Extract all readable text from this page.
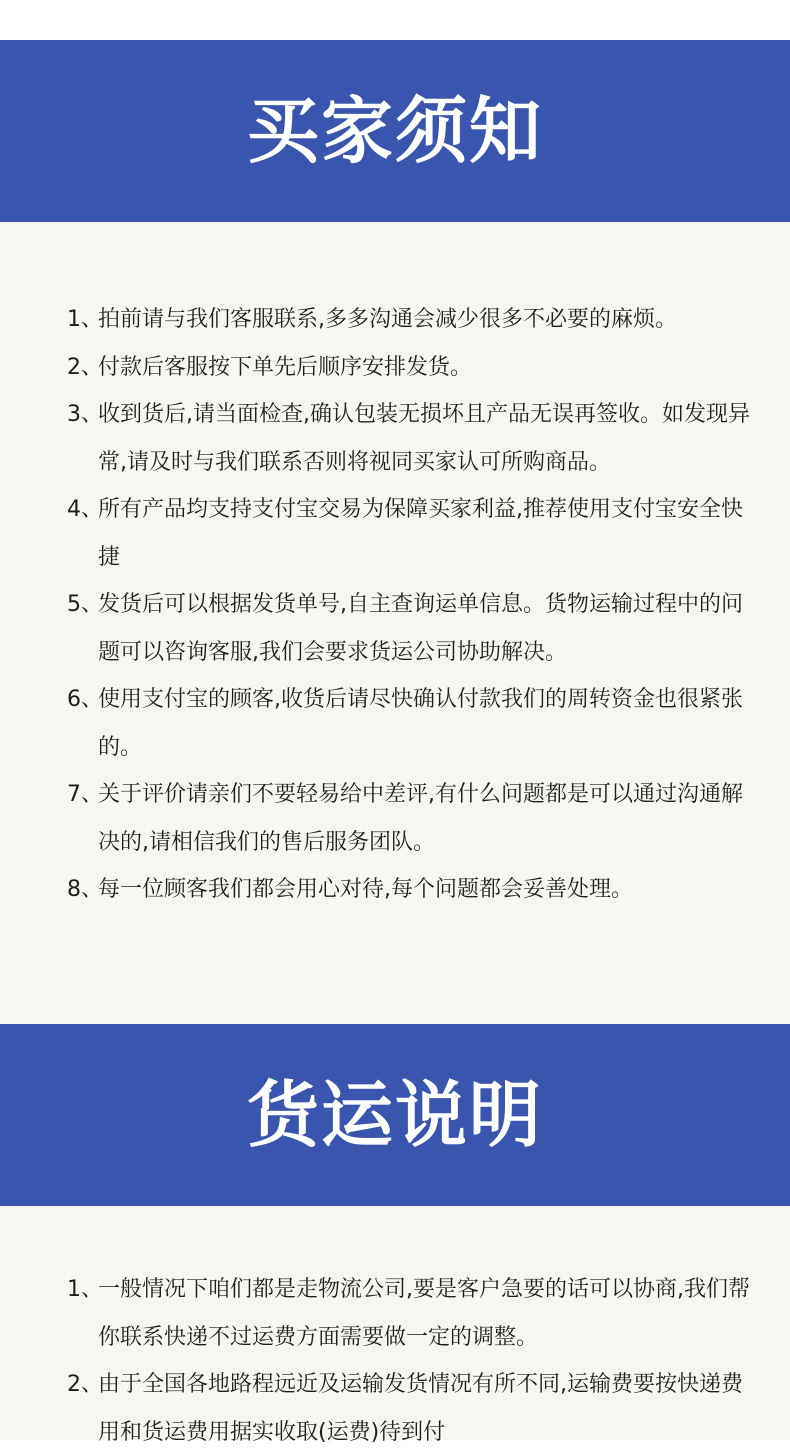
买家须知
1、
拍前请与我们客服联系,多多沟通会减少很多不必要的麻烦。
2、
付款后客服按下单先后顺序安排发货。
3、
收到货后,请当面检查,确认包装无损坏且产品无误再签收。如发现异常,请及时与我们联系否则将视同买家认可所购商品。
4、
所有产品均支持支付宝交易为保障买家利益,推荐使用支付宝安全快捷
5、
发货后可以根据发货单号,自主查询运单信息。货物运输过程中的问题可以咨询客服,我们会要求货运公司协助解决。
6、
使用支付宝的顾客,收货后请尽快确认付款我们的周转资金也很紧张的。
7、
关于评价请亲们不要轻易给中差评,有什么问题都是可以通过沟通解决的,请相信我们的售后服务团队。
8、
每一位顾客我们都会用心对待,每个问题都会妥善处理。
货运说明
1、
一般情况下咱们都是走物流公司,要是客户急要的话可以协商,我们帮你联系快递不过运费方面需要做一定的调整。
2、
由于全国各地路程远近及运输发货情况有所不同,运输费要按快递费用和货运费用据实收取(运费)待到付
